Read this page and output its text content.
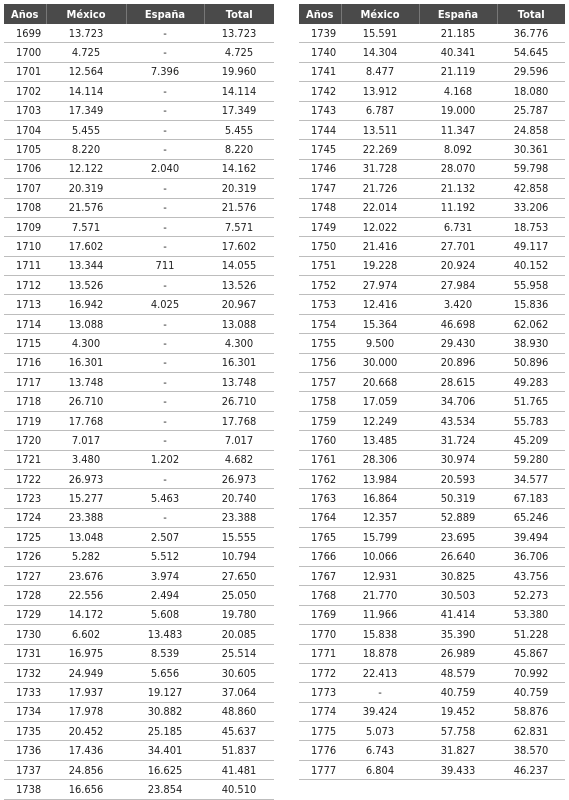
Años	México	España	Total
1699	13.723	-	13.723
1700	4.725	-	4.725
1701	12.564	7.396	19.960
1702	14.114	-	14.114
1703	17.349	-	17.349
1704	5.455	-	5.455
1705	8.220	-	8.220
1706	12.122	2.040	14.162
1707	20.319	-	20.319
1708	21.576	-	21.576
1709	7.571	-	7.571
1710	17.602	-	17.602
1711	13.344	711	14.055
1712	13.526	-	13.526
1713	16.942	4.025	20.967
1714	13.088	-	13.088
1715	4.300	-	4.300
1716	16.301	-	16.301
1717	13.748	-	13.748
1718	26.710	-	26.710
1719	17.768	-	17.768
1720	7.017	-	7.017
1721	3.480	1.202	4.682
1722	26.973	-	26.973
1723	15.277	5.463	20.740
1724	23.388	-	23.388
1725	13.048	2.507	15.555
1726	5.282	5.512	10.794
1727	23.676	3.974	27.650
1728	22.556	2.494	25.050
1729	14.172	5.608	19.780
1730	6.602	13.483	20.085
1731	16.975	8.539	25.514
1732	24.949	5.656	30.605
1733	17.937	19.127	37.064
1734	17.978	30.882	48.860
1735	20.452	25.185	45.637
1736	17.436	34.401	51.837
1737	24.856	16.625	41.481
1738	16.656	23.854	40.510
Años	México	España	Total
1739	15.591	21.185	36.776
1740	14.304	40.341	54.645
1741	8.477	21.119	29.596
1742	13.912	4.168	18.080
1743	6.787	19.000	25.787
1744	13.511	11.347	24.858
1745	22.269	8.092	30.361
1746	31.728	28.070	59.798
1747	21.726	21.132	42.858
1748	22.014	11.192	33.206
1749	12.022	6.731	18.753
1750	21.416	27.701	49.117
1751	19.228	20.924	40.152
1752	27.974	27.984	55.958
1753	12.416	3.420	15.836
1754	15.364	46.698	62.062
1755	9.500	29.430	38.930
1756	30.000	20.896	50.896
1757	20.668	28.615	49.283
1758	17.059	34.706	51.765
1759	12.249	43.534	55.783
1760	13.485	31.724	45.209
1761	28.306	30.974	59.280
1762	13.984	20.593	34.577
1763	16.864	50.319	67.183
1764	12.357	52.889	65.246
1765	15.799	23.695	39.494
1766	10.066	26.640	36.706
1767	12.931	30.825	43.756
1768	21.770	30.503	52.273
1769	11.966	41.414	53.380
1770	15.838	35.390	51.228
1771	18.878	26.989	45.867
1772	22.413	48.579	70.992
1773	-	40.759	40.759
1774	39.424	19.452	58.876
1775	5.073	57.758	62.831
1776	6.743	31.827	38.570
1777	6.804	39.433	46.237
